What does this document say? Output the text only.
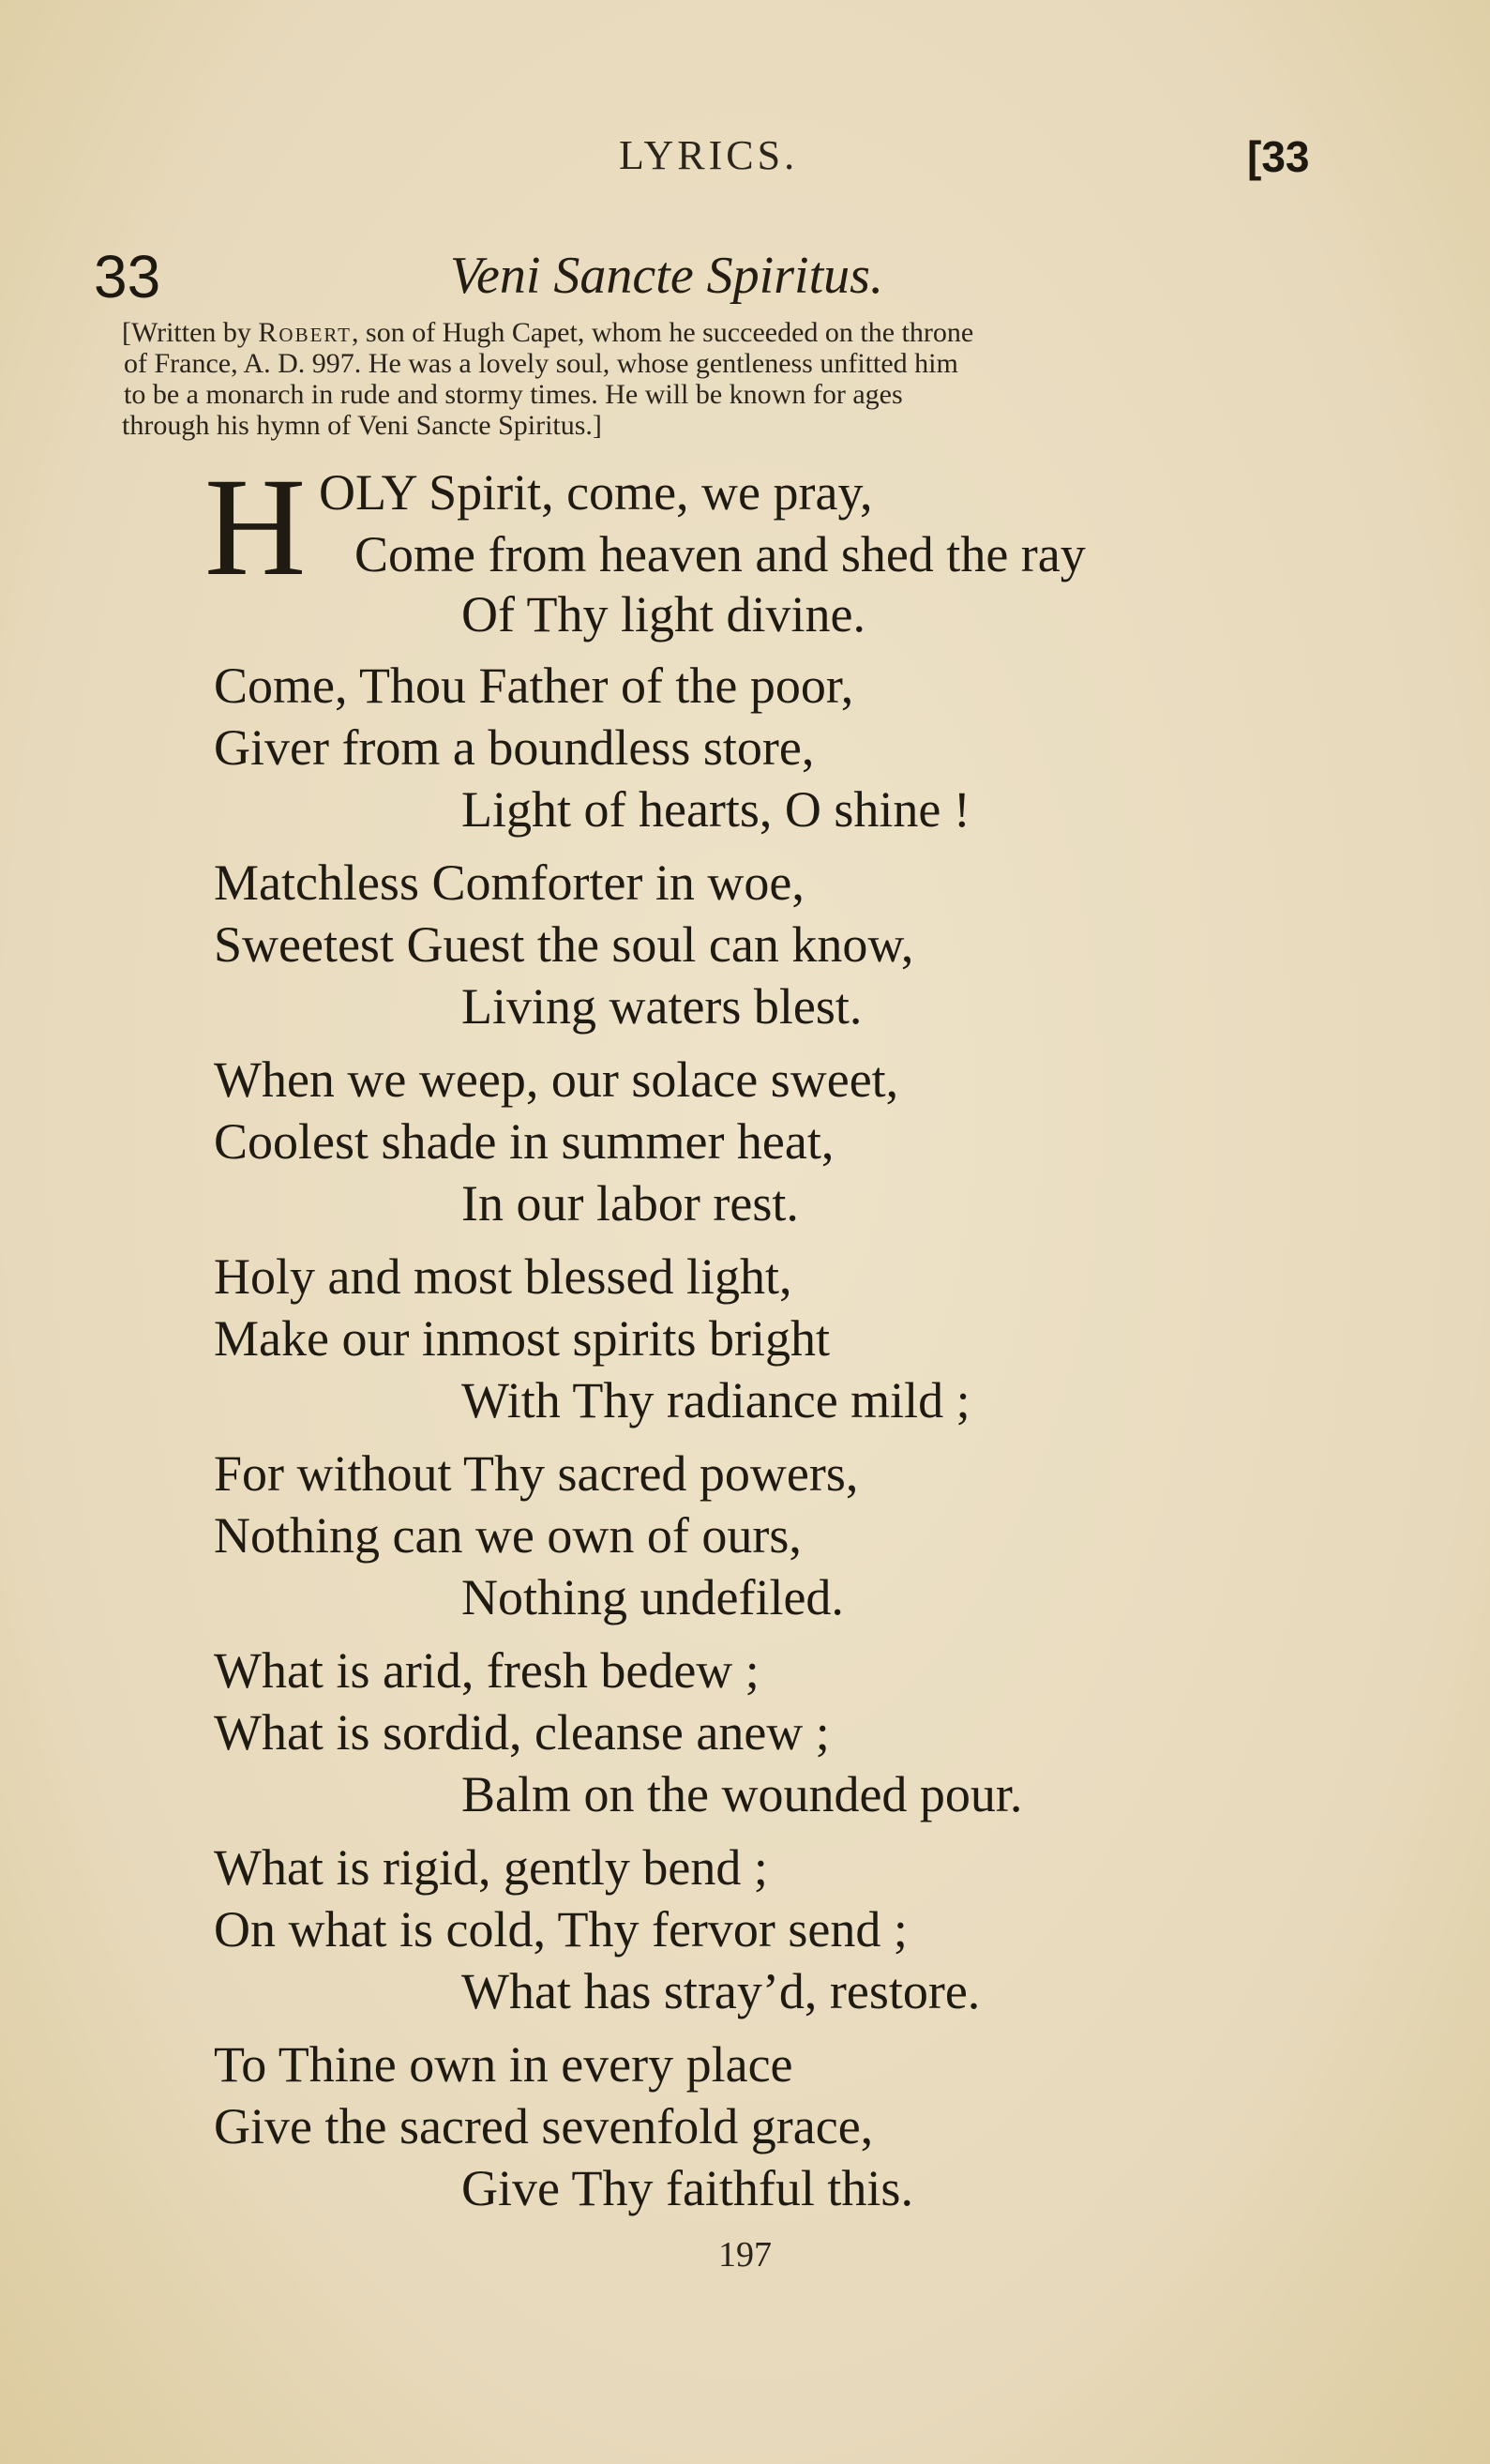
LYRICS.	[33
33	Veni Sancte Spiritus.
[Written by Robert, son of Hugh Capet, whom he succeeded on the throne
of France, A. D. 997. He was a lovely soul, whose gentleness unfitted him
to be a monarch in rude and stormy times. He will be known for ages
through his hymn of Veni Sancte Spiritus.]
H OLY Spirit, come, we pray,
Come from heaven and shed the ray
Of Thy light divine.
Come, Thou Father of the poor,
Giver from a boundless store,
Light of hearts, O shine !
Matchless Comforter in woe,
Sweetest Guest the soul can know,
Living waters blest.
When we weep, our solace sweet,
Coolest shade in summer heat,
In our labor rest.
Holy and most blessed light,
Make our inmost spirits bright
With Thy radiance mild ;
For without Thy sacred powers,
Nothing can we own of ours,
Nothing undefiled.
What is arid, fresh bedew ;
What is sordid, cleanse anew ;
Balm on the wounded pour.
What is rigid, gently bend ;
On what is cold, Thy fervor send ;
What has stray’d, restore.
To Thine own in every place
Give the sacred sevenfold grace,
Give Thy faithful this.
197
